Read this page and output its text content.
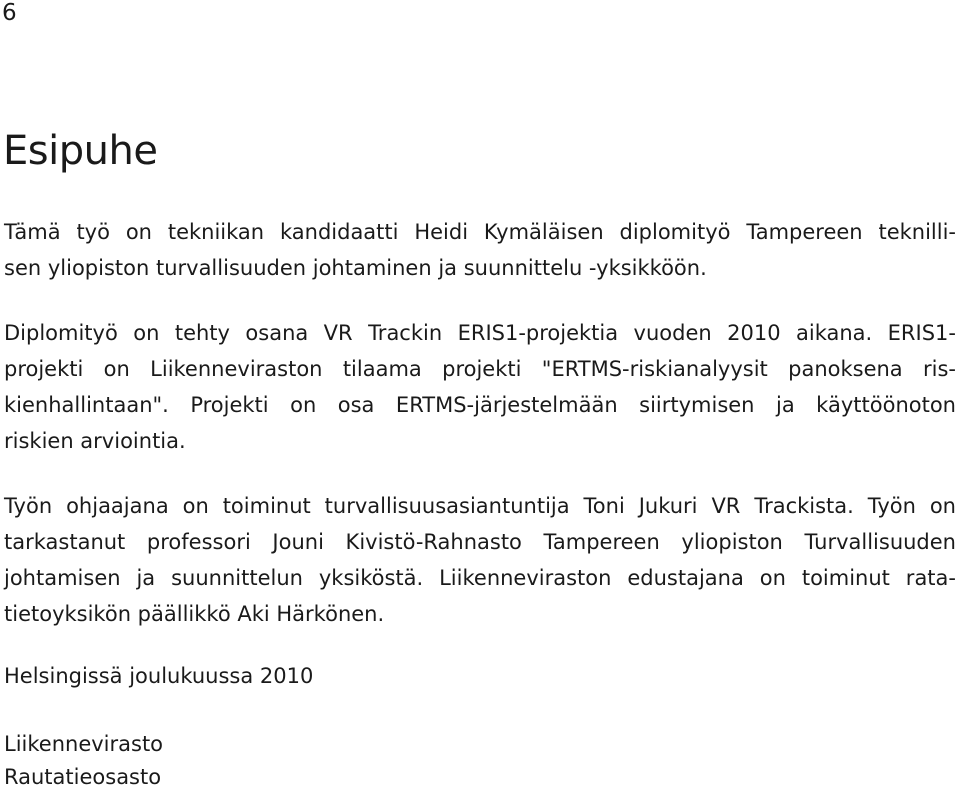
6
Esipuhe
Tämä työ on tekniikan kandidaatti Heidi Kymäläisen diplomityö Tampereen teknilli-
sen yliopiston turvallisuuden johtaminen ja suunnittelu -yksikköön.
Diplomityö on tehty osana VR Trackin ERIS1-projektia vuoden 2010 aikana. ERIS1-
projekti on Liikenneviraston tilaama projekti "ERTMS-riskianalyysit panoksena ris-
kienhallintaan". Projekti on osa ERTMS-järjestelmään siirtymisen ja käyttöönoton
riskien arviointia.
Työn ohjaajana on toiminut turvallisuusasiantuntija Toni Jukuri VR Trackista. Työn on
tarkastanut professori Jouni Kivistö-Rahnasto Tampereen yliopiston Turvallisuuden
johtamisen ja suunnittelun yksiköstä. Liikenneviraston edustajana on toiminut rata-
tietoyksikön päällikkö Aki Härkönen.
Helsingissä joulukuussa 2010
Liikennevirasto
Rautatieosasto
